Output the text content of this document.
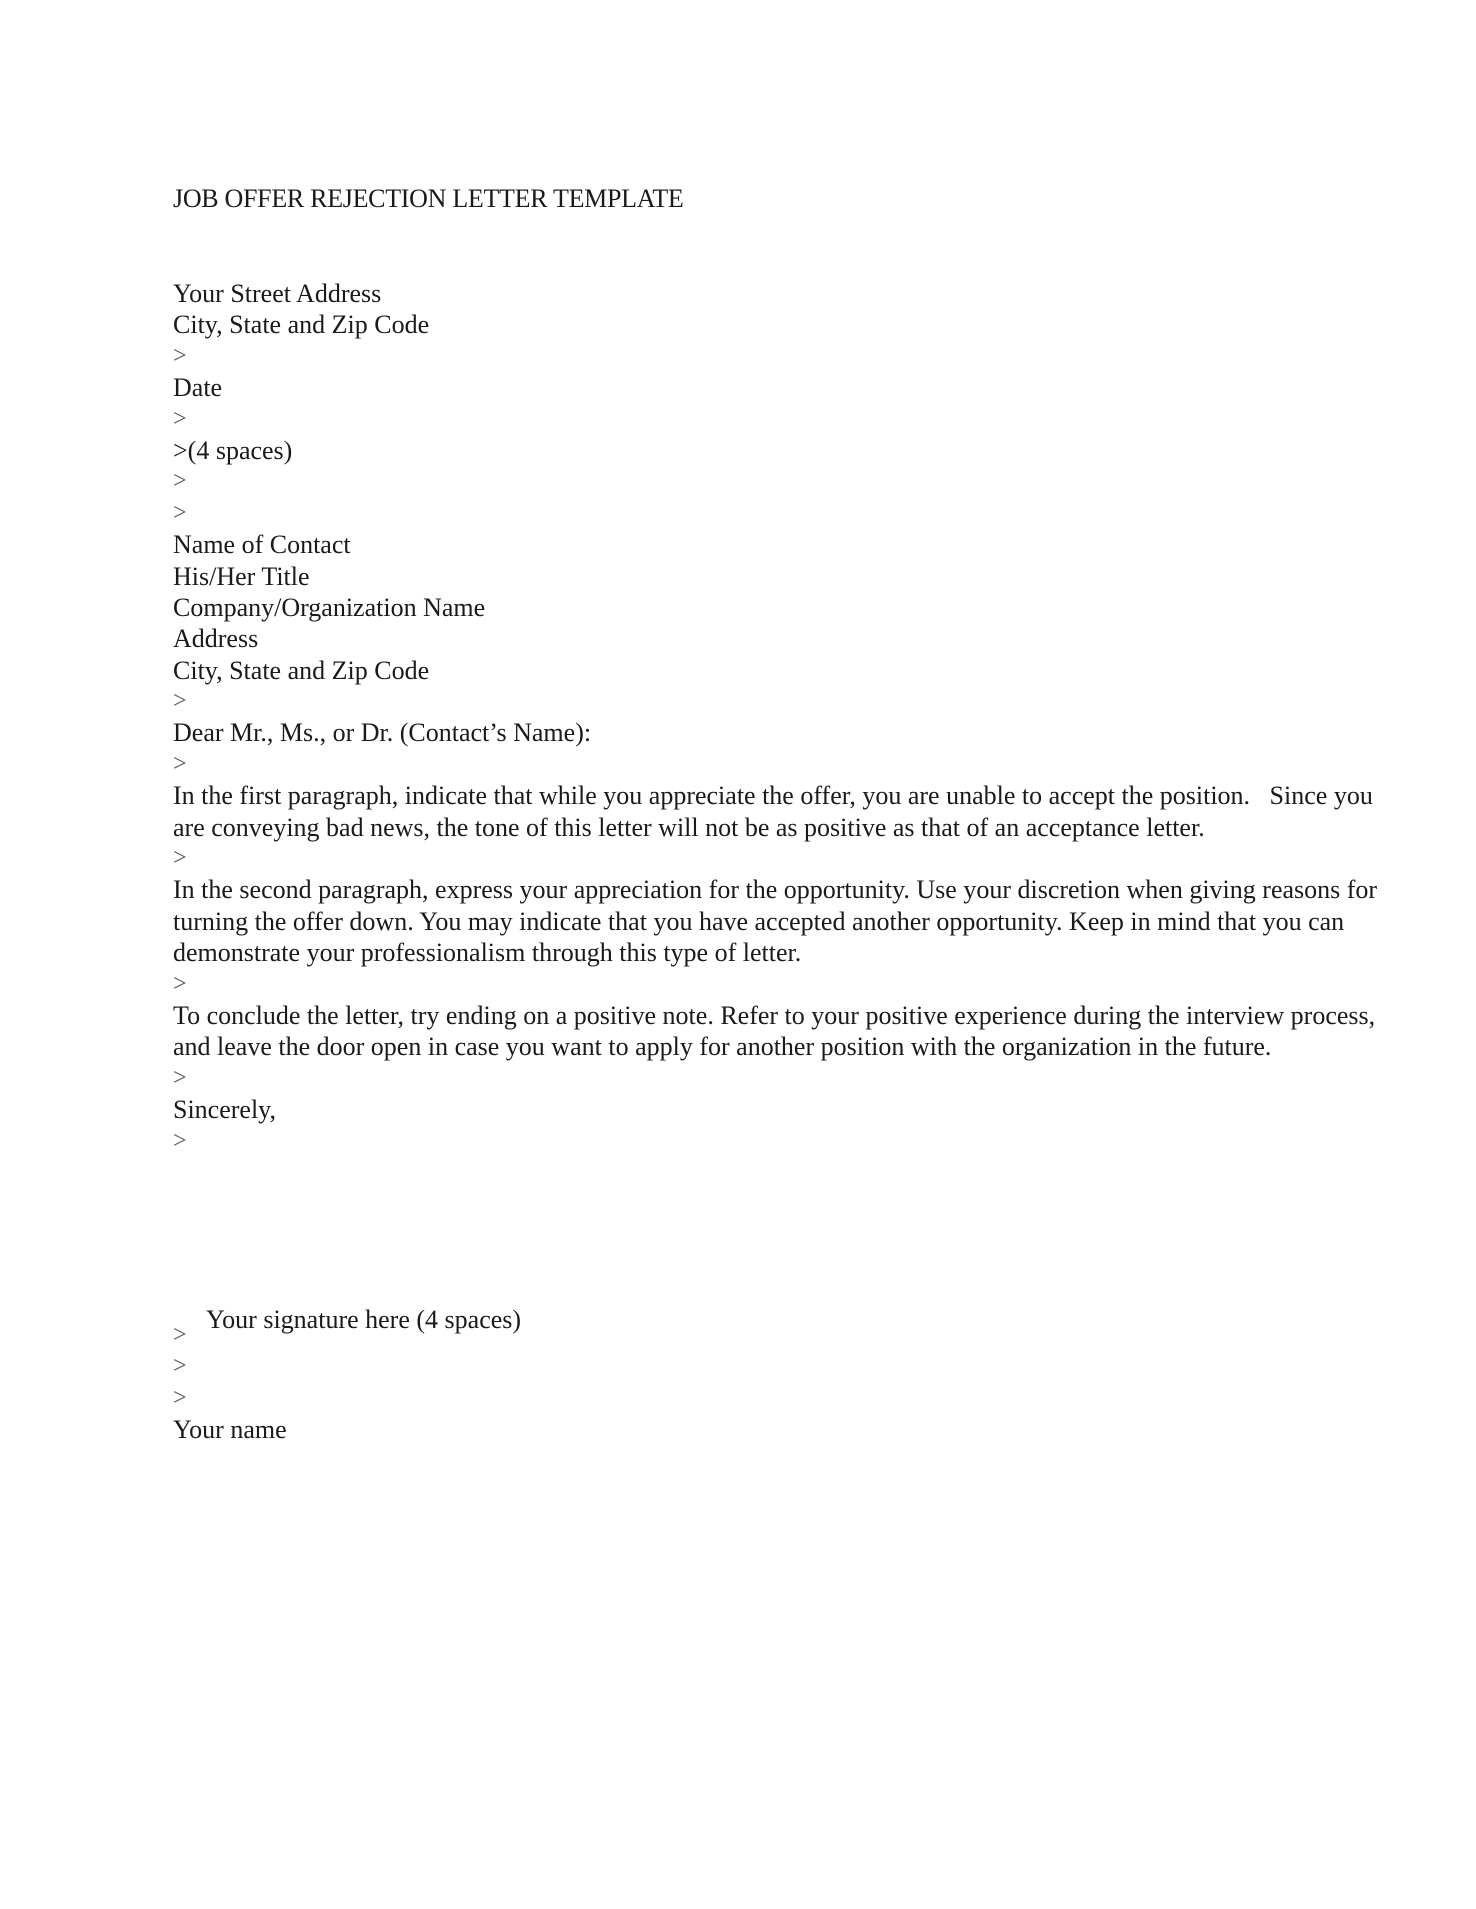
JOB OFFER REJECTION LETTER TEMPLATE
Your Street Address
City, State and Zip Code
>
Date
>
>(4 spaces)
>
>
Name of Contact
His/Her Title
Company/Organization Name
Address
City, State and Zip Code
>
Dear Mr., Ms., or Dr. (Contact’s Name):
>
In the first paragraph, indicate that while you appreciate the offer, you are unable to accept the position.   Since you are conveying bad news, the tone of this letter will not be as positive as that of an acceptance letter.
>
In the second paragraph, express your appreciation for the opportunity. Use your discretion when giving reasons for turning the offer down. You may indicate that you have accepted another opportunity. Keep in mind that you can demonstrate your professionalism through this type of letter.
>
To conclude the letter, try ending on a positive note. Refer to your positive experience during the interview process, and leave the door open in case you want to apply for another position with the organization in the future.
>
Sincerely,
>
Your signature here (4 spaces)
>
>
>
Your name
